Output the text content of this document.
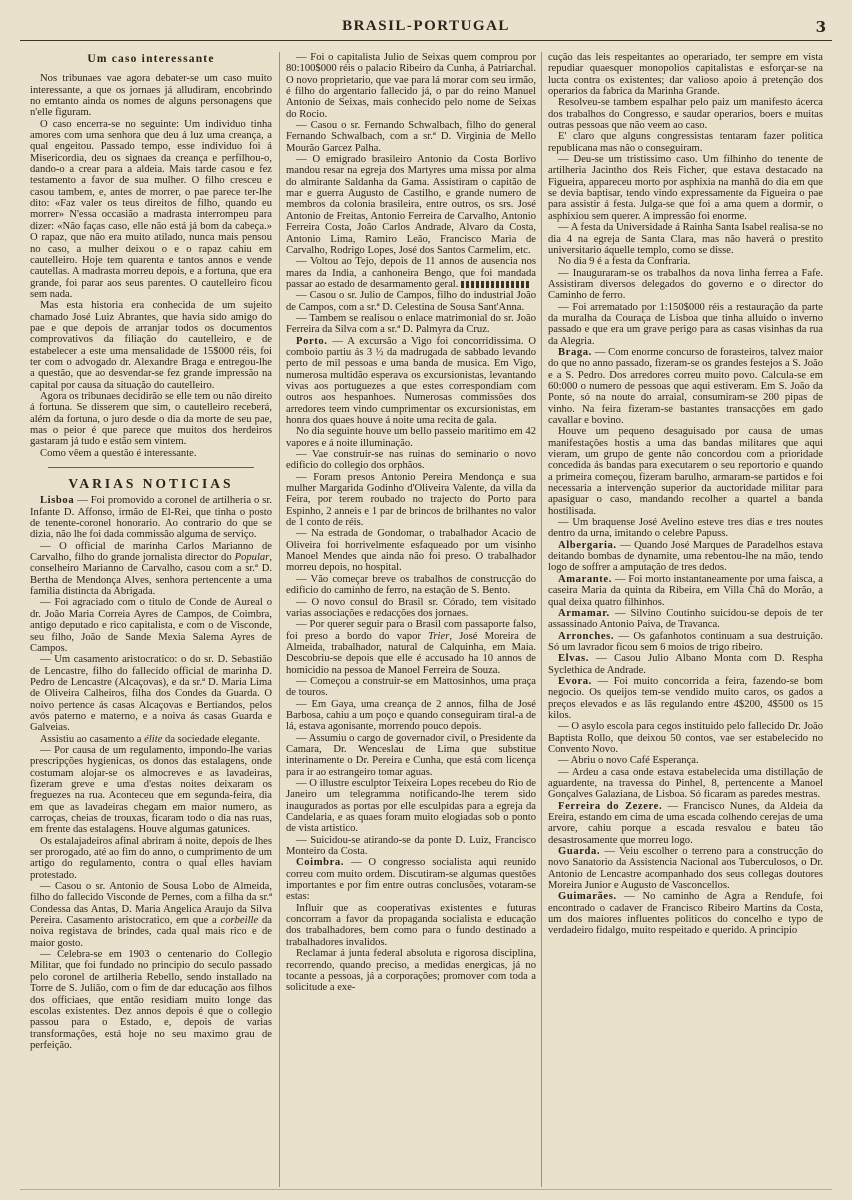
BRASIL-PORTUGAL	3

Um caso interessante

Nos tribunaes vae agora debater-se um caso muito interessante, a que os jornaes já alludiram, encobrindo no emtanto ainda os nomes de alguns personagens que n'elle figuram.

O caso encerra-se no seguinte: Um individuo tinha amores com uma senhora que deu á luz uma creança, a qual engeitou. Passado tempo, esse individuo foi á Misericordia, deu os signaes da creança e perfilhou-o, dando-o a crear para a aldeia. Mais tarde casou e fez testamento a favor de sua mulher. O filho cresceu e casou tambem, e, antes de morrer, o pae parece ter-lhe dito: «Faz valer os teus direitos de filho, quando eu morrer» N'essa occasião a madrasta interrompeu para dizer: «Não faças caso, elle não está já bom da cabeça.» O rapaz, que não era muito atilado, nunca mais pensou no caso, a mulher deixou o e o rapaz cahiu em cautelleiro. Hoje tem quarenta e tantos annos e vende cautellas. A madrasta morreu depois, e a fortuna, que era grande, foi parar aos seus parentes. O cautelleiro ficou sem nada.

Mas esta historia era conhecida de um sujeito chamado José Luiz Abrantes, que havia sido amigo do pae e que depois de arranjar todos os documentos comprovativos da filiação do cautelleiro, e de estabelecer a este uma mensalidade de 15$000 réis, foi ter com o advogado dr. Alexandre Braga e entregou-lhe a questão, que ao desvendar-se fez grande impressão na capital por causa da situação do cautelleiro.

Agora os tribunaes decidirão se elle tem ou não direito á fortuna. Se disserem que sim, o cautelleiro receberá, além da fortuna, o juro desde o dia da morte de seu pae, mas o peior é que parece que muitos dos herdeiros gastaram já tudo e estão sem vintem.

Como vêem a questão é interessante.

VARIAS NOTICIAS

Lisboa — Foi promovido a coronel de artilheria o sr. Infante D. Affonso, irmão de El-Rei, que tinha o posto de tenente-coronel honorario. Ao contrario do que se dizia, não lhe foi dada commissão alguma de serviço.

— O official de marinha Carlos Marianno de Carvalho, filho do grande jornalista director do Popular, conselheiro Marianno de Carvalho, casou com a sr.ª D. Bertha de Mendonça Alves, senhora pertencente a uma familia distincta da Abrigada.

— Foi agraciado com o titulo de Conde de Aureal o dr. João Maria Correia Ayres de Campos, de Coimbra, antigo deputado e rico capitalista, e com o de Visconde, seu filho, João de Sande Mexia Salema Ayres de Campos.

— Um casamento aristocratico: o do sr. D. Sebastião de Lencastre, filho do fallecido official de marinha D. Pedro de Lencastre (Alcaçovas), e da sr.ª D. Maria Lima de Oliveira Calheiros, filha dos Condes da Guarda. O noivo pertence ás casas Alcaçovas e Bertiandos, pelos avós paterno e materno, e a noiva ás casas Guarda e Galveias.

Assistiu ao casamento a élite da sociedade elegante.

— Por causa de um regulamento, impondo-lhe varias prescripções hygienicas, os donos das estalagens, onde costumam alojar-se os almocreves e as lavadeiras, fizeram greve e uma d'estas noites deixaram os freguezes na rua. Aconteceu que em segunda-feira, dia em que as lavadeiras chegam em maior numero, as carroças, cheias de trouxas, ficaram todo o dia nas ruas, em frente das estalagens. Houve algumas gatunices.

Os estalajadeiros afinal abriram á noite, depois de lhes ser prorogado, até ao fim do anno, o cumprimento de um artigo do regulamento, contra o qual elles haviam protestado.

— Casou o sr. Antonio de Sousa Lobo de Almeida, filho do fallecido Visconde de Pernes, com a filha da sr.ª Condessa das Antas, D. Maria Angelica Araujo da Silva Pereira. Casamento aristocratico, em que a corbeille da noiva registava de brindes, cada qual mais rico e de maior gosto.

— Celebra-se em 1903 o centenario do Collegio Militar, que foi fundado no principio do seculo passado pelo coronel de artilheria Rebello, sendo installado na Torre de S. Julião, com o fim de dar educação aos filhos dos officiaes, que então residiam muito longe das escolas existentes. Dez annos depois é que o collegio passou para o Estado, e, depois de varias transformações, está hoje no seu maximo grau de perfeição.

— Foi o capitalista Julio de Seixas quem comprou por 80:100$000 réis o palacio Ribeiro da Cunha, á Patriarchal. O novo proprietario, que vae para lá morar com seu irmão, é filho do argentario fallecido já, o par do reino Manuel Antonio de Seixas, mais conhecido pelo nome de Seixas do Rocio.

— Casou o sr. Fernando Schwalbach, filho do general Fernando Schwalbach, com a sr.ª D. Virginia de Mello Mourão Garcez Palha.

— O emigrado brasileiro Antonio da Costa Borlivo mandou resar na egreja dos Martyres uma missa por alma do almirante Saldanha da Gama. Assistiram o capitão de mar e guerra Augusto de Castilho, e grande numero de membros da colonia brasileira, entre outros, os srs. José Antonio de Freitas, Antonio Ferreira de Carvalho, Antonio Ferreira Costa, João Carlos Andrade, Alvaro da Costa, Antonio Lima, Ramiro Leão, Francisco Maria de Carvalho, Rodrigo Lopes, José dos Santos Carmelim, etc.

— Voltou ao Tejo, depois de 11 annos de ausencia nos mares da India, a canhoneira Bengo, que foi mandada passar ao estado de desarmamento geral.

— Casou o sr. Julio de Campos, filho do industrial João de Campos, com a sr.ª D. Celestina de Sousa Sant'Anna.

— Tambem se realisou o enlace matrimonial do sr. João Ferreira da Silva com a sr.ª D. Palmyra da Cruz.

Porto. — A excursão a Vigo foi concorridissima. O comboio partiu ás 3 ½ da madrugada de sabbado levando perto de mil pessoas e uma banda de musica. Em Vigo, numerosa multidão esperava os excursionistas, levantando vivas aos portuguezes a que estes correspondiam com outros aos hespanhoes. Numerosas commissões dos arredores teem vindo cumprimentar os excursionistas, em honra dos quaes houve á noite uma recita de gala.

No dia seguinte houve um bello passeio maritimo em 42 vapores e á noite illuminação.

— Vae construir-se nas ruinas do seminario o novo edificio do collegio dos orphãos.

— Foram presos Antonio Pereira Mendonça e sua mulher Margarida Godinho d'Oliveira Valente, da villa da Feira, por terem roubado no trajecto do Porto para Espinho, 2 anneis e 1 par de brincos de brilhantes no valor de 1 conto de réis.

— Na estrada de Gondomar, o trabalhador Acacio de Oliveira foi horrivelmente esfaqueado por um visinho Manoel Mendes que ainda não foi preso. O trabalhador morreu depois, no hospital.

— Vão começar breve os trabalhos de construcção do edificio do caminho de ferro, na estação de S. Bento.

— O novo consul do Brasil sr. Córado, tem visitado varias associações e redacções dos jornaes.

— Por querer seguir para o Brasil com passaporte falso, foi preso a bordo do vapor Trier, José Moreira de Almeida, trabalhador, natural de Calquinha, em Maia. Descobriu-se depois que elle é accusado ha 10 annos de homicidio na pessoa de Manoel Ferreira de Souza.

— Começou a construir-se em Mattosinhos, uma praça de touros.

— Em Gaya, uma creança de 2 annos, filha de José Barbosa, cahiu a um poço e quando conseguiram tiral-a de lá, estava agonisante, morrendo pouco depois.

— Assumiu o cargo de governador civil, o Presidente da Camara, Dr. Wenceslau de Lima que substitue interinamente o Dr. Pereira e Cunha, que está com licença para ir ao estrangeiro tomar aguas.

— O illustre esculptor Teixeira Lopes recebeu do Rio de Janeiro um telegramma notificando-lhe terem sido inaugurados as portas por elle esculpidas para a egreja da Candelaria, e as quaes foram muito elogiadas sob o ponto de vista artistico.

— Suicidou-se atirando-se da ponte D. Luiz, Francisco Monteiro da Costa.

Coimbra. — O congresso socialista aqui reunido correu com muito ordem. Discutiram-se algumas questões importantes e por fim entre outras conclusões, votaram-se estas:

Influir que as cooperativas existentes e futuras concorram a favor da propaganda socialista e educação dos trabalhadores, bem como para o fundo destinado a trabalhadores invalidos.

Reclamar á junta federal absoluta e rigorosa disciplina, recorrendo, quando preciso, a medidas energicas, já no tocante a pessoas, já a corporações; promover com toda a solicitude a exe-

cução das leis respeitantes ao operariado, ter sempre em vista repudiar quaesquer monopolios capitalistas e esforçar-se na lucta contra os existentes; dar valioso apoio á pretenção dos operarios da fabrica da Marinha Grande.

Resolveu-se tambem espalhar pelo paiz um manifesto ácerca dos trabalhos do Congresso, e saudar operarios, boers e muitas outras pessoas que não veem ao caso.

E' claro que alguns congressistas tentaram fazer politica republicana mas não o conseguiram.

— Deu-se um tristissimo caso. Um filhinho do tenente de artilheria Jacintho dos Reis Ficher, que estava destacado na Figueira, appareceu morto por asphixia na manhã do dia em que se devia baptisar, tendo vindo expressamente da Figueira o pae para assistir á festa. Julga-se que foi a ama quem a dormir, o asphixiou sem querer. A impressão foi enorme.

— A festa da Universidade á Rainha Santa Isabel realisa-se no dia 4 na egreja de Santa Clara, mas não haverá o prestito universitario áquelle templo, como se disse.

No dia 9 é a festa da Confraria.

— Inauguraram-se os trabalhos da nova linha ferrea a Fafe. Assistiram diversos delegados do governo e o director do Caminho de ferro.

— Foi arrematado por 1:150$000 réis a restauração da parte da muralha da Couraça de Lisboa que tinha alluido o inverno passado e que era um grave perigo para as casas visinhas da rua da Alegria.

Braga. — Com enorme concurso de forasteiros, talvez maior do que no anno passado, fizeram-se os grandes festejos a S. João e a S. Pedro. Dos arredores correu muito povo. Calcula-se em 60:000 o numero de pessoas que aqui estiveram. Em S. João da Ponte, só na noute do arraial, consumiram-se 200 pipas de vinho. Na feira fizeram-se bastantes transacções em gado cavallar e bovino.

Houve um pequeno desaguisado por causa de umas manifestações hostis a uma das bandas militares que aqui vieram, um grupo de gente não concordou com a prioridade concedida ás bandas para executarem o seu reportorio e quando a primeira começou, fizeram barulho, armaram-se partidos e foi necessaria a intervenção superior da auctoridade militar para apasiguar o caso, mandando recolher a quartel a banda hostilisada.

— Um braquense José Avelino esteve tres dias e tres noutes dentro da urna, imitando o celebre Papuss.

Albergaria. — Quando José Marques de Paradelhos estava deitando bombas de dynamite, uma rebentou-lhe na mão, tendo logo de soffrer a amputação de tres dedos.

Amarante. — Foi morto instantaneamente por uma faisca, a caseira Maria da quinta da Ribeira, em Villa Chã do Morão, a qual deixa quatro filhinhos.

Armamar. — Silvino Coutinho suicidou-se depois de ter assassinado Antonio Paiva, de Travanca.

Arronches. — Os gafanhotos continuam a sua destruição. Só um lavrador ficou sem 6 moios de trigo ribeiro.

Elvas. — Casou Julio Albano Monta com D. Respha Syclethica de Andrade.

Evora. — Foi muito concorrida a feira, fazendo-se bom negocio. Os queijos tem-se vendido muito caros, os gados a preços elevados e as lãs regulando entre 4$200, 4$500 os 15 kilos.

— O asylo escola para cegos instituido pelo fallecido Dr. João Baptista Rollo, que deixou 50 contos, vae ser estabelecido no Convento Novo.

— Abriu o novo Café Esperança.

— Ardeu a casa onde estava estabelecida uma distillação de aguardente, na travessa do Pinhel, 8, pertencente a Manoel Gonçalves Galaziana, de Lisboa. Só ficaram as paredes mestras.

Ferreira do Zezere. — Francisco Nunes, da Aldeia da Ereira, estando em cima de uma escada colhendo cerejas de uma arvore, cahiu porque a escada resvalou e bateu tão desastrosamente que morreu logo.

Guarda. — Veiu escolher o terreno para a construcção do novo Sanatorio da Assistencia Nacional aos Tuberculosos, o Dr. Antonio de Lencastre acompanhado dos seus collegas doutores Moreira Junior e Augusto de Vasconcellos.

Guimarães. — No caminho de Agra a Rendufe, foi encontrado o cadaver de Francisco Ribeiro Martins da Costa, um dos maiores influentes politicos do concelho e typo de verdadeiro fidalgo, muito respeitado e querido. A principio
